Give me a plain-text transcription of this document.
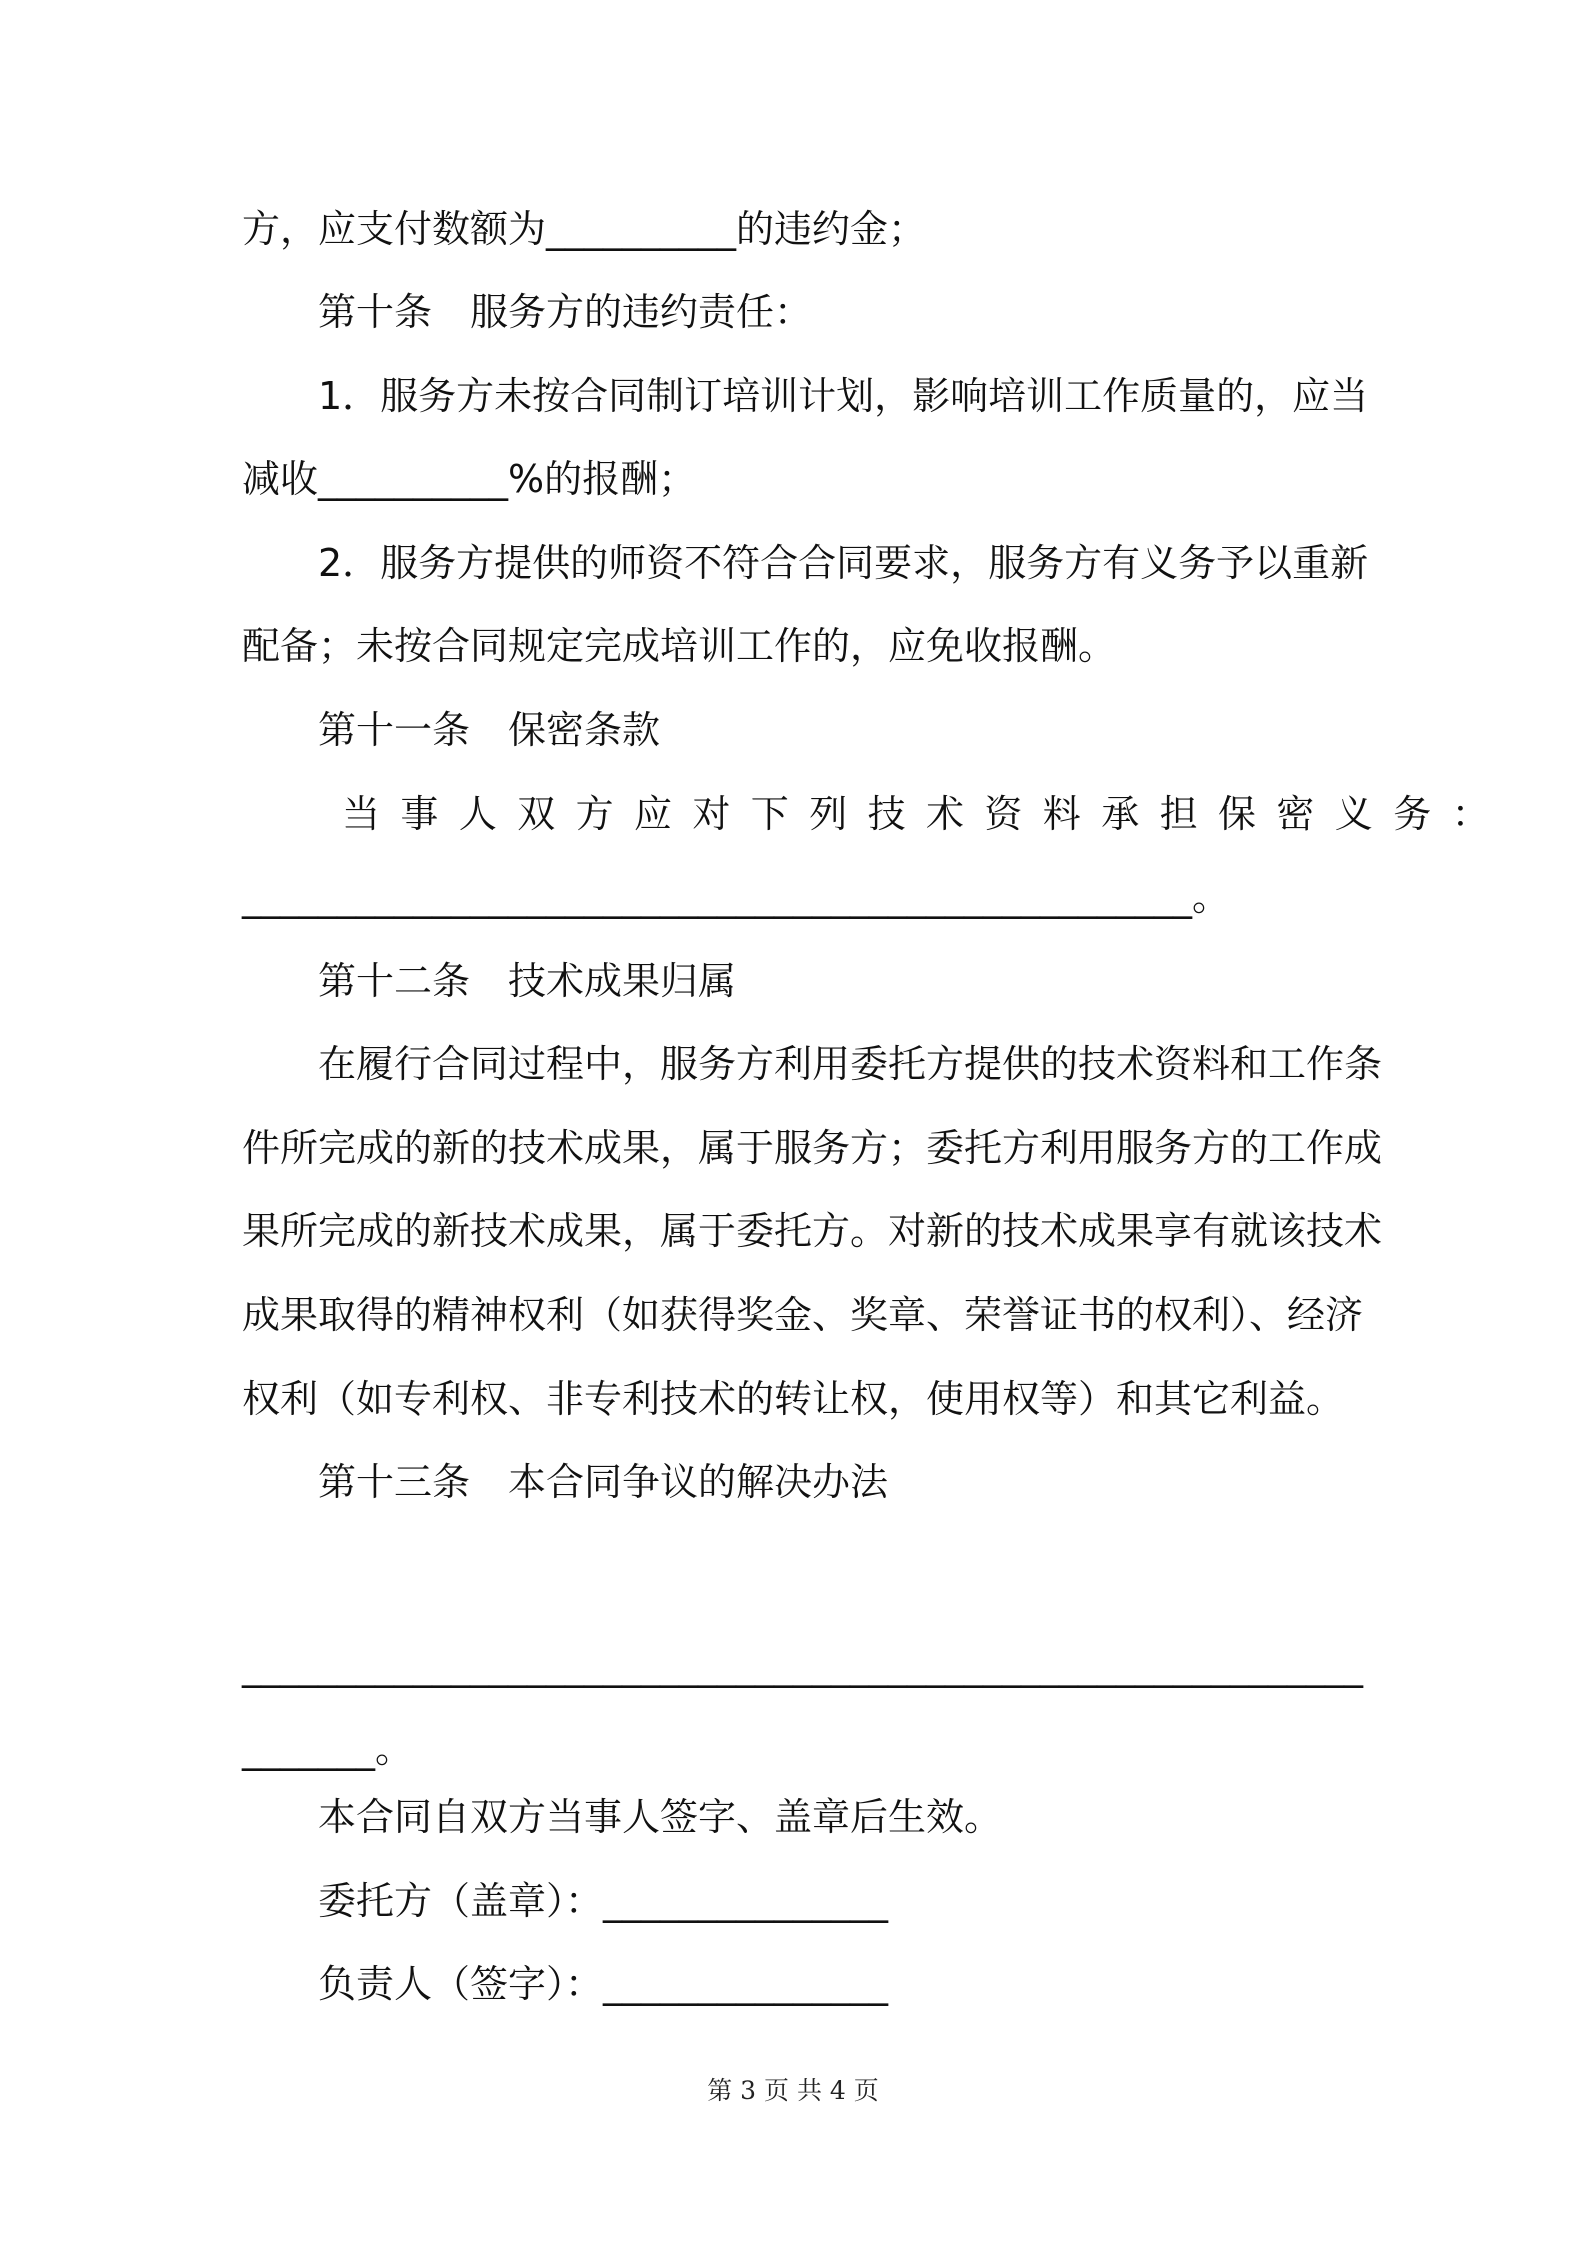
方，应支付数额为__________的违约金；

第十条　服务方的违约责任：

1．服务方未按合同制订培训计划，影响培训工作质量的，应当

减收__________%的报酬；

2．服务方提供的师资不符合合同要求，服务方有义务予以重新

配备；未按合同规定完成培训工作的，应免收报酬。

第十一条　保密条款

当事人双方应对下列技术资料承担保密义务：

__________________________________________________。

第十二条　技术成果归属

在履行合同过程中，服务方利用委托方提供的技术资料和工作条

件所完成的新的技术成果，属于服务方；委托方利用服务方的工作成

果所完成的新技术成果，属于委托方。对新的技术成果享有就该技术

成果取得的精神权利（如获得奖金、奖章、荣誉证书的权利）、经济

权利（如专利权、非专利技术的转让权，使用权等）和其它利益。

第十三条　本合同争议的解决办法

___________________________________________________________

_______。

本合同自双方当事人签字、盖章后生效。

委托方（盖章）：_______________

负责人（签字）：_______________

第 3 页 共 4 页
